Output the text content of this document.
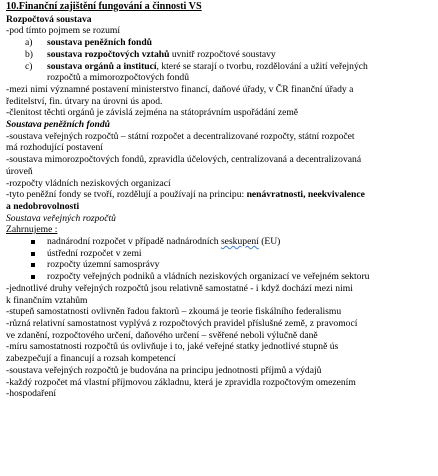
10.Finanční zajištění fungování a činnosti VS
Rozpočtová soustava
-pod tímto pojmem se rozumí
a) soustava peněžních fondů
b) soustava rozpočtových vztahů uvnitř rozpočtové soustavy
c) soustava orgánů a institucí, které se starají o tvorbu, rozdělování a užití veřejných
rozpočtů a mimorozpočtových fondů
-mezi nimi významné postavení ministerstvo financí, daňové úřady, v ČR finanční úřady a
ředitelství, fin. útvary na úrovni ús apod.
-členitost těchti orgánů je závislá zejména na státoprávním uspořádání země
Soustava peněžních fondů
-soustava veřejných rozpočtů – státní rozpočet a decentralizované rozpočty, státní rozpočet
má rozhodující postavení
-soustava mimorozpočtových fondů, zpravidla účelových, centralizovaná a decentralizovaná
úroveň
-rozpočty vládních neziskových organizací
-tyto peněžní fondy se tvoří, rozdělují a používají na principu: nenávratnosti, neekvivalence
a nedobrovolnosti
Soustava veřejných rozpočtů
Zahrnujeme :
nadnárodní rozpočet v případě nadnárodních seskupení (EU)
ústřední rozpočet v zemi
rozpočty územní samosprávy
rozpočty veřejných podniků a vládních neziskových organizací ve veřejném sektoru
-jednotlivé druhy veřejných rozpočtů jsou relativně samostatné - i když dochází mezi nimi
k finančním vztahům
-stupeň samostatnosti ovlivněn řadou faktorů – zkoumá je teorie fiskálního federalismu
-různá relativní samostatnost vyplývá z rozpočtových pravidel příslušné země, z pravomocí
ve zdanění, rozpočtového určení, daňového určení – svěřené neboli výlučně daně
-míru samostatnosti rozpočtů ús ovlivňuje i to, jaké veřejné statky jednotlivé stupně ús
zabezpečují a financují a rozsah kompetencí
-soustava veřejných rozpočtů je budována na principu jednotnosti příjmů a výdajů
-každý rozpočet má vlastní příjmovou základnu, která je zpravidla rozpočtovým omezením
-hospodaření
